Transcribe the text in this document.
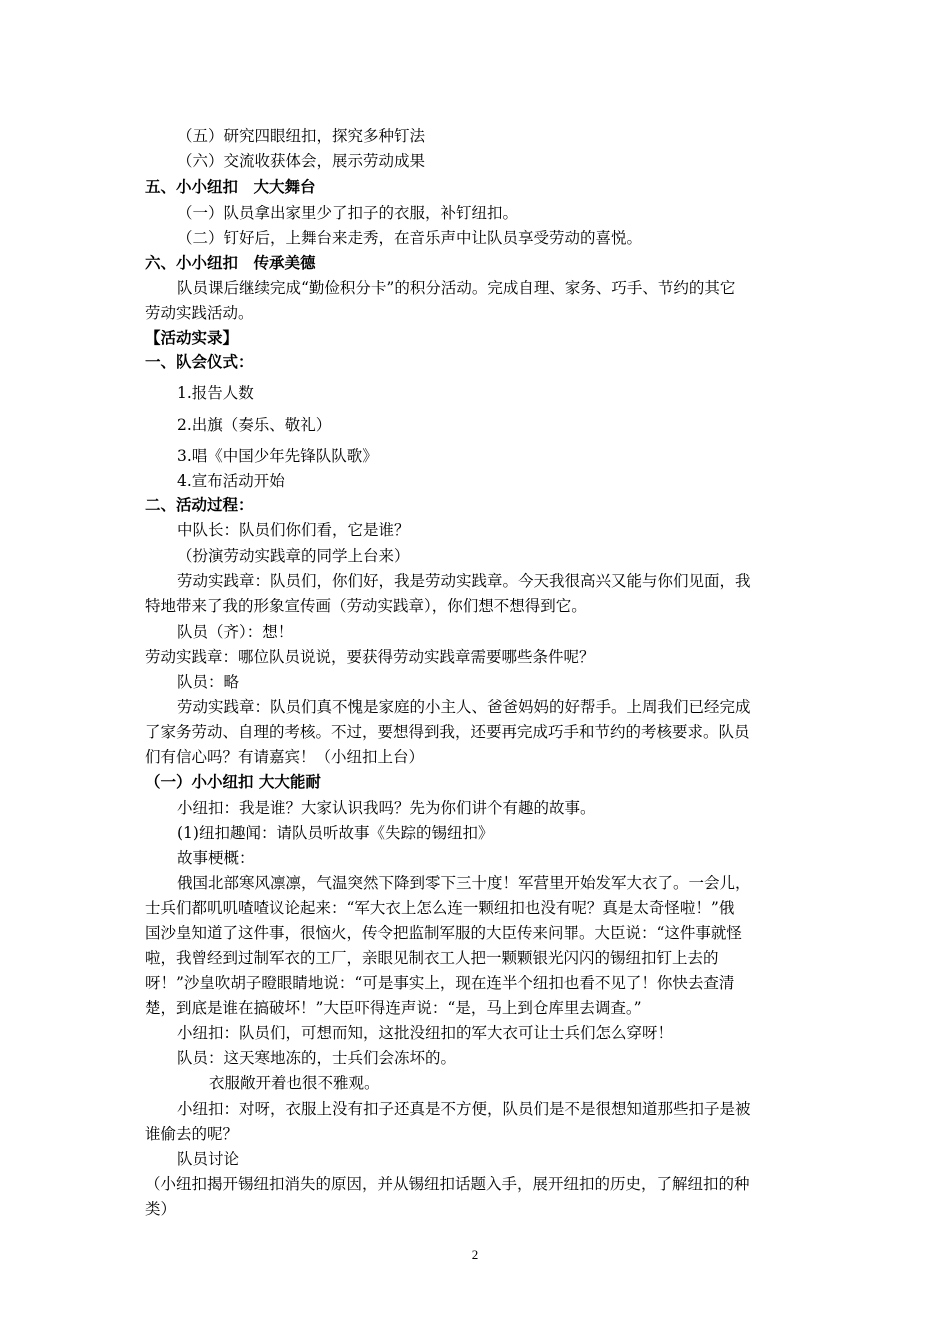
（五）研究四眼纽扣，探究多种钉法
（六）交流收获体会，展示劳动成果
五、小小纽扣　大大舞台
（一）队员拿出家里少了扣子的衣服，补钉纽扣。
（二）钉好后，上舞台来走秀，在音乐声中让队员享受劳动的喜悦。
六、小小纽扣　传承美德
队员课后继续完成“勤俭积分卡”的积分活动。完成自理、家务、巧手、节约的其它
劳动实践活动。
【活动实录】
一、队会仪式：
1.报告人数
2.出旗（奏乐、敬礼）
3.唱《中国少年先锋队队歌》
4.宣布活动开始
二、活动过程：
中队长：队员们你们看，它是谁？
（扮演劳动实践章的同学上台来）
劳动实践章：队员们，你们好，我是劳动实践章。今天我很高兴又能与你们见面，我
特地带来了我的形象宣传画（劳动实践章），你们想不想得到它。
队员（齐）：想！
劳动实践章：哪位队员说说，要获得劳动实践章需要哪些条件呢？
队员：略
劳动实践章：队员们真不愧是家庭的小主人、爸爸妈妈的好帮手。上周我们已经完成
了家务劳动、自理的考核。不过，要想得到我，还要再完成巧手和节约的考核要求。队员
们有信心吗？有请嘉宾！（小纽扣上台）
（一）小小纽扣 大大能耐
小纽扣：我是谁？大家认识我吗？先为你们讲个有趣的故事。
(1)纽扣趣闻：请队员听故事《失踪的锡纽扣》
故事梗概：
俄国北部寒风凛凛，气温突然下降到零下三十度！军营里开始发军大衣了。一会儿，
士兵们都叽叽喳喳议论起来：“军大衣上怎么连一颗纽扣也没有呢？真是太奇怪啦！”俄
国沙皇知道了这件事，很恼火，传令把监制军服的大臣传来问罪。大臣说：“这件事就怪
啦，我曾经到过制军衣的工厂，亲眼见制衣工人把一颗颗银光闪闪的锡纽扣钉上去的
呀！”沙皇吹胡子瞪眼睛地说：“可是事实上，现在连半个纽扣也看不见了！你快去查清
楚，到底是谁在搞破坏！”大臣吓得连声说：“是，马上到仓库里去调查。”
小纽扣：队员们，可想而知，这批没纽扣的军大衣可让士兵们怎么穿呀！
队员：这天寒地冻的，士兵们会冻坏的。
衣服敞开着也很不雅观。
小纽扣：对呀，衣服上没有扣子还真是不方便，队员们是不是很想知道那些扣子是被
谁偷去的呢？
队员讨论
（小纽扣揭开锡纽扣消失的原因，并从锡纽扣话题入手，展开纽扣的历史，了解纽扣的种
类）
2
